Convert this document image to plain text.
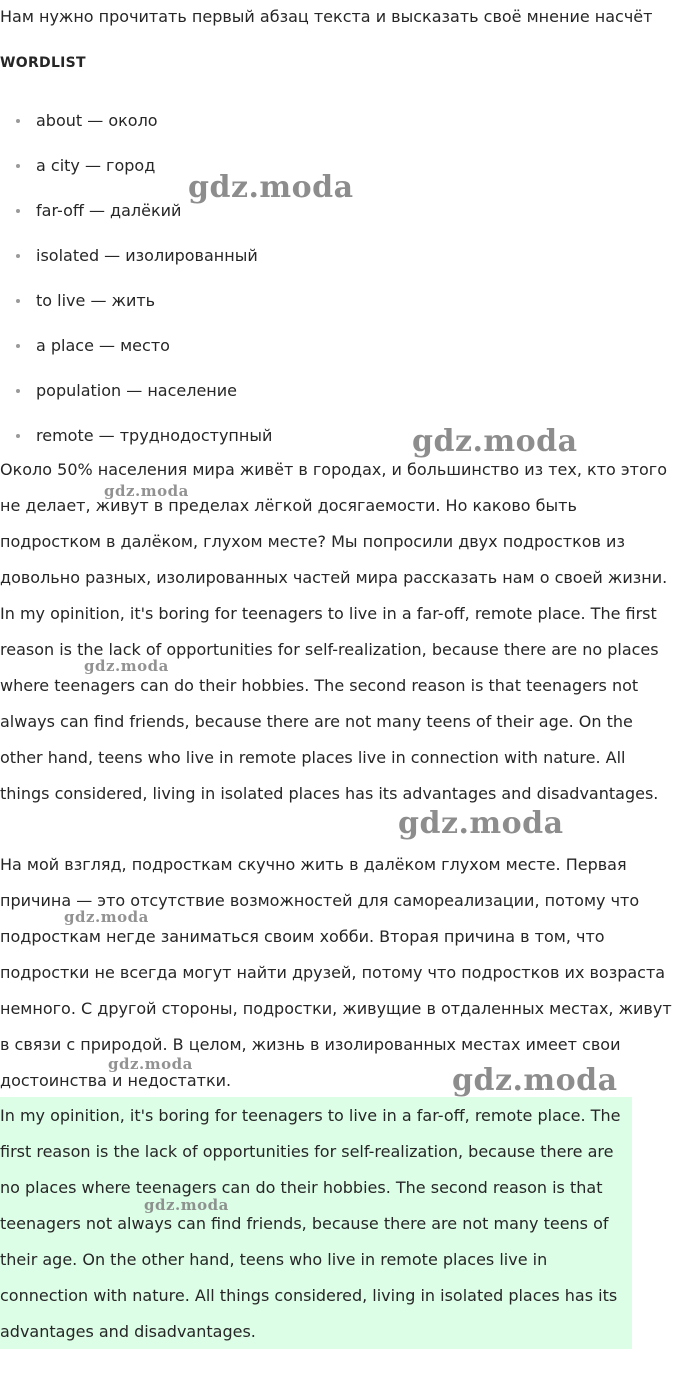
Нам нужно прочитать первый абзац текста и высказать своё мнение насчёт

WORDLIST
about — около
a city — город
far-off — далёкий
isolated — изолированный
to live — жить
a place — место
population — население
remote — труднодоступный

Около 50% населения мира живёт в городах, и большинство из тех, кто этого не делает, живут в пределах лёгкой досягаемости. Но каково быть подростком в далёком, глухом месте? Мы попросили двух подростков из довольно разных, изолированных частей мира рассказать нам о своей жизни.

In my opinition, it's boring for teenagers to live in a far-off, remote place. The first reason is the lack of opportunities for self-realization, because there are no places where teenagers can do their hobbies. The second reason is that teenagers not always can find friends, because there are not many teens of their age. On the other hand, teens who live in remote places live in connection with nature. All things considered, living in isolated places has its advantages and disadvantages.

На мой взгляд, подросткам скучно жить в далёком глухом месте. Первая причина — это отсутствие возможностей для самореализации, потому что подросткам негде заниматься своим хобби. Вторая причина в том, что подростки не всегда могут найти друзей, потому что подростков их возраста немного. С другой стороны, подростки, живущие в отдаленных местах, живут в связи с природой. В целом, жизнь в изолированных местах имеет свои достоинства и недостатки.

In my opinition, it's boring for teenagers to live in a far-off, remote place. The first reason is the lack of opportunities for self-realization, because there are no places where teenagers can do their hobbies. The second reason is that teenagers not always can find friends, because there are not many teens of their age. On the other hand, teens who live in remote places live in connection with nature. All things considered, living in isolated places has its advantages and disadvantages.

gdz.moda
gdz.moda
gdz.moda
gdz.moda
gdz.moda
gdz.moda
gdz.moda	gdz.moda
gdz.moda
